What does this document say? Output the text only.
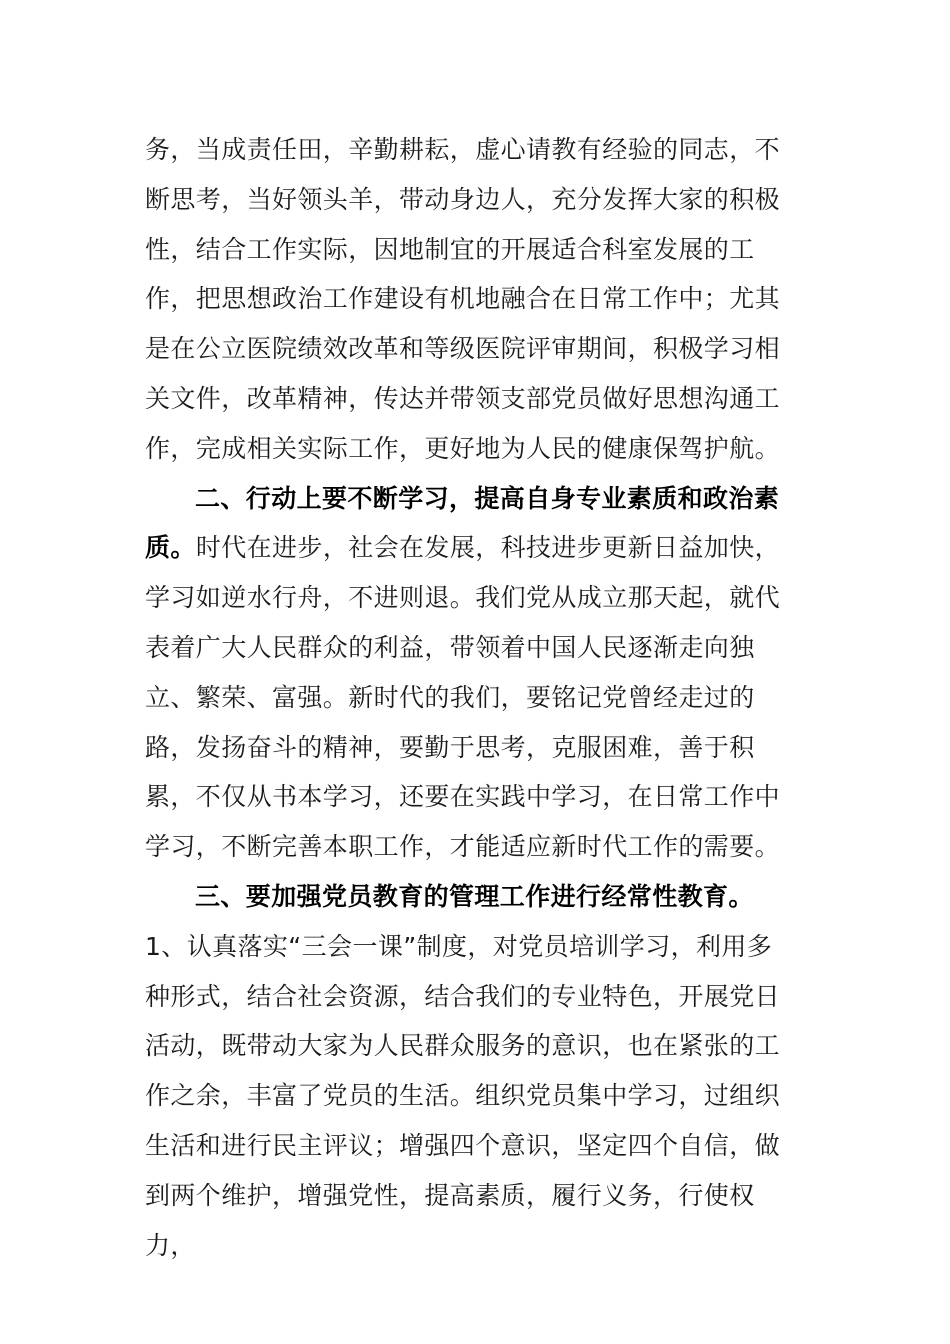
务，当成责任田，辛勤耕耘，虚心请教有经验的同志，不断思考，当好领头羊，带动身边人，充分发挥大家的积极性，结合工作实际，因地制宜的开展适合科室发展的工作，把思想政治工作建设有机地融合在日常工作中；尤其是在公立医院绩效改革和等级医院评审期间，积极学习相关文件，改革精神，传达并带领支部党员做好思想沟通工作，完成相关实际工作，更好地为人民的健康保驾护航。

二、行动上要不断学习，提高自身专业素质和政治素质。时代在进步，社会在发展，科技进步更新日益加快，学习如逆水行舟，不进则退。我们党从成立那天起，就代表着广大人民群众的利益，带领着中国人民逐渐走向独立、繁荣、富强。新时代的我们，要铭记党曾经走过的路，发扬奋斗的精神，要勤于思考，克服困难，善于积累，不仅从书本学习，还要在实践中学习，在日常工作中学习，不断完善本职工作，才能适应新时代工作的需要。

三、要加强党员教育的管理工作进行经常性教育。1、认真落实“三会一课”制度，对党员培训学习，利用多种形式，结合社会资源，结合我们的专业特色，开展党日活动，既带动大家为人民群众服务的意识，也在紧张的工作之余，丰富了党员的生活。组织党员集中学习，过组织生活和进行民主评议；增强四个意识，坚定四个自信，做到两个维护，增强党性，提高素质，履行义务，行使权力，
